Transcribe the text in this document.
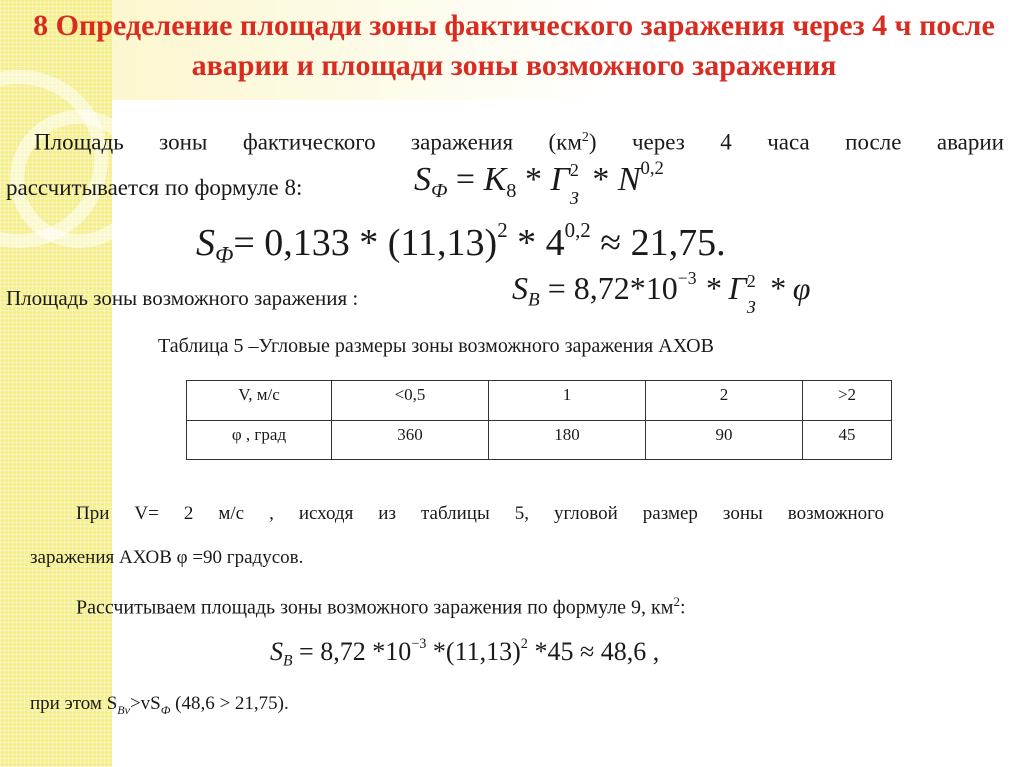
8 Определение площади зоны фактического заражения через 4 ч после аварии и площади зоны возможного заражения

Площадь зоны фактического заражения $(км^2)$ через 4 часа после аварии

рассчитывается по формуле 8:	$S_Ф = K_8 * Г$ 2
З * N$^{0,2}$
$S_Ф= 0,133 * (11,13)^2 * 4^{0,2} \approx 21,75$.

Площадь зоны возможного заражения :	$S_В = 8,72*10^{-3} * Г$ 2
З
* φ

Таблица 5 –Угловые размеры зоны возможного заражения АХОВ

V, м/с	<0,5	1	2	>2
φ , град	360	180	90	45

При V= 2 м/с , исходя из таблицы 5, угловой размер зоны возможного

заражения АХОВ φ =90 градусов.

Рассчитываем площадь зоны возможного заражения по формуле 9, $км^2$:

$S_В = 8,72$ $*10^{-3}$ $*(11,13)^2$ *45 ≈ 48,6 ,

при этом $S_{Вv}>vS_Ф$ (48,6 > 21,75).
